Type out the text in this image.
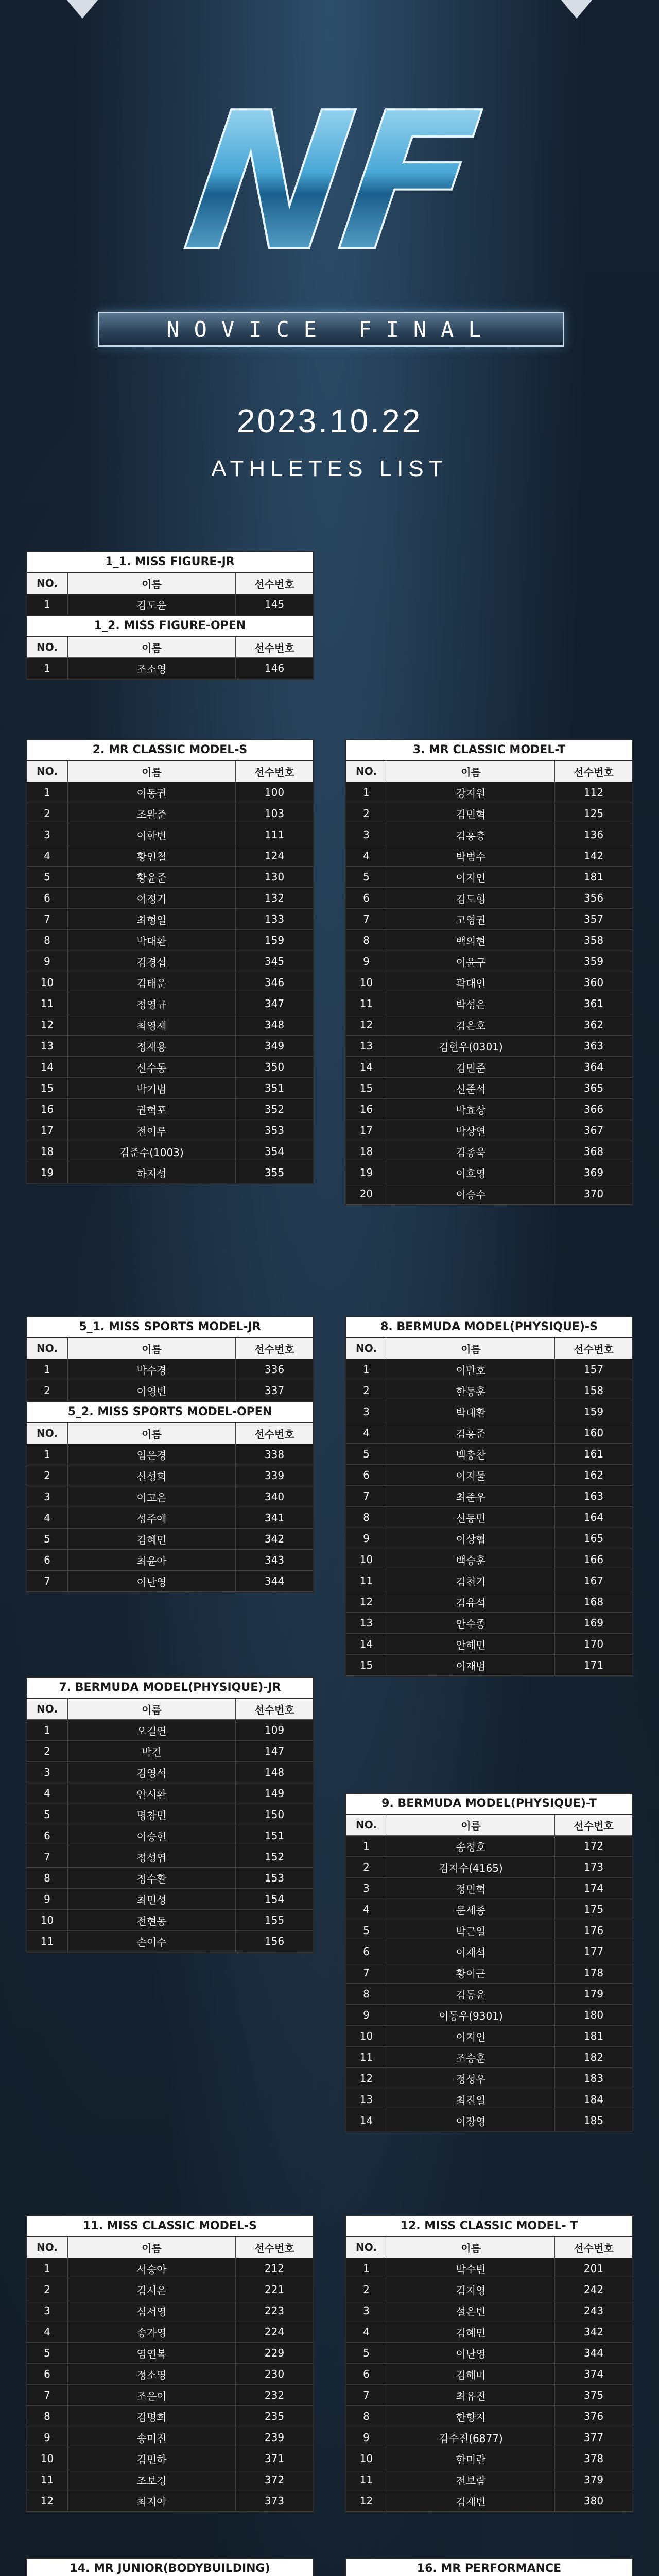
NF
NOVICE FINAL
2023.10.22
ATHLETES LIST
1_1. MISS FIGURE-JR
NO.	이름	선수번호
1	김도윤	145
1_2. MISS FIGURE-OPEN
NO.	이름	선수번호
1	조소영	146
2. MR CLASSIC MODEL-S
NO.	이름	선수번호
1	이동권	100
2	조완준	103
3	이한빈	111
4	황인철	124
5	황윤준	130
6	이정기	132
7	최형일	133
8	박대환	159
9	김경섭	345
10	김태운	346
11	정영규	347
12	최영재	348
13	정재용	349
14	선수동	350
15	박기범	351
16	권혁포	352
17	전이루	353
18	김준수(1003)	354
19	하지성	355
3. MR CLASSIC MODEL-T
NO.	이름	선수번호
1	강지원	112
2	김민혁	125
3	김홍층	136
4	박범수	142
5	이지인	181
6	김도형	356
7	고영권	357
8	백의현	358
9	이윤구	359
10	곽대인	360
11	박성은	361
12	김은호	362
13	김현우(0301)	363
14	김민준	364
15	신준석	365
16	박효상	366
17	박상연	367
18	김종욱	368
19	이호영	369
20	이승수	370
5_1. MISS SPORTS MODEL-JR
NO.	이름	선수번호
1	박수경	336
2	이영빈	337
5_2. MISS SPORTS MODEL-OPEN
NO.	이름	선수번호
1	임은경	338
2	신성희	339
3	이고은	340
4	성주애	341
5	김혜민	342
6	최윤아	343
7	이난영	344
8. BERMUDA MODEL(PHYSIQUE)-S
NO.	이름	선수번호
1	이만호	157
2	한동훈	158
3	박대환	159
4	김홍준	160
5	백충찬	161
6	이지둘	162
7	최준우	163
8	신동민	164
9	이상협	165
10	백승훈	166
11	김천기	167
12	김유석	168
13	안수종	169
14	안해민	170
15	이재범	171
7. BERMUDA MODEL(PHYSIQUE)-JR
NO.	이름	선수번호
1	오길연	109
2	박건	147
3	김영석	148
4	안시환	149
5	명창민	150
6	이승현	151
7	정성엽	152
8	정수환	153
9	최민성	154
10	전현동	155
11	손이수	156
9. BERMUDA MODEL(PHYSIQUE)-T
NO.	이름	선수번호
1	송정호	172
2	김지수(4165)	173
3	정민혁	174
4	문세종	175
5	박근열	176
6	이재석	177
7	황이근	178
8	김동윤	179
9	이동우(9301)	180
10	이지인	181
11	조승훈	182
12	정성우	183
13	최진일	184
14	이장영	185
11. MISS CLASSIC MODEL-S
NO.	이름	선수번호
1	서승아	212
2	김시은	221
3	심서영	223
4	송가영	224
5	염연복	229
6	정소영	230
7	조은이	232
8	김명희	235
9	송미진	239
10	김민하	371
11	조보경	372
12	최지아	373
12. MISS CLASSIC MODEL- T
NO.	이름	선수번호
1	박수빈	201
2	김지영	242
3	설은빈	243
4	김혜민	342
5	이난영	344
6	김혜미	374
7	최유진	375
8	한향지	376
9	김수진(6877)	377
10	한미란	378
11	전보람	379
12	김재빈	380
14. MR JUNIOR(BODYBUILDING)	16. MR PERFORMANCE
